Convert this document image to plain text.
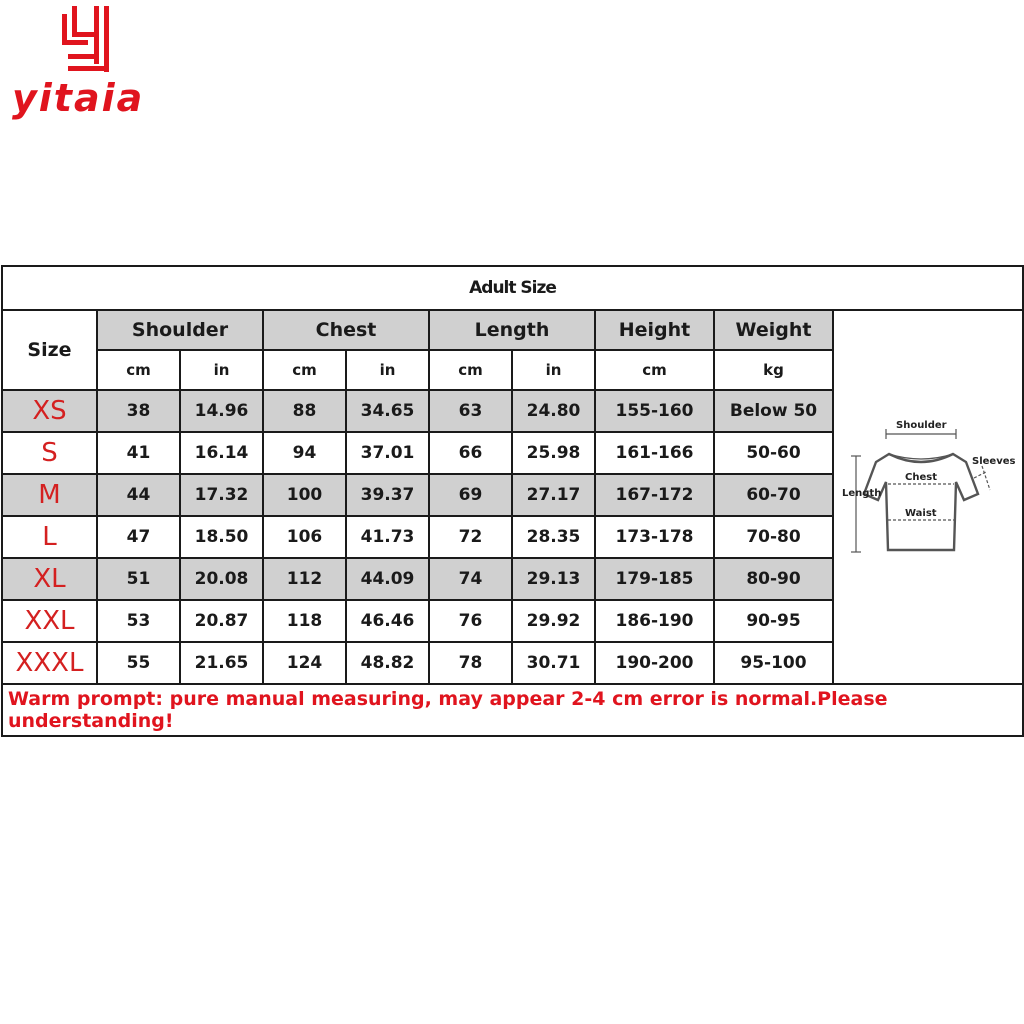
yitaia
Adult Size									
Size	Shoulder		Chest		Length		Height	Weight	Shoulder
Sleeves
Chest
Length
Waist

	cm	in	cm	in	cm	in	cm	kg	
XS	38	14.96	88	34.65	63	24.80	155-160	Below 50	
S	41	16.14	94	37.01	66	25.98	161-166	50-60	
M	44	17.32	100	39.37	69	27.17	167-172	60-70	
L	47	18.50	106	41.73	72	28.35	173-178	70-80	
XL	51	20.08	112	44.09	74	29.13	179-185	80-90	
XXL	53	20.87	118	46.46	76	29.92	186-190	90-95	
XXXL	55	21.65	124	48.82	78	30.71	190-200	95-100	
Warm prompt: pure manual measuring, may appear 2-4 cm error is normal.Please understanding!									
